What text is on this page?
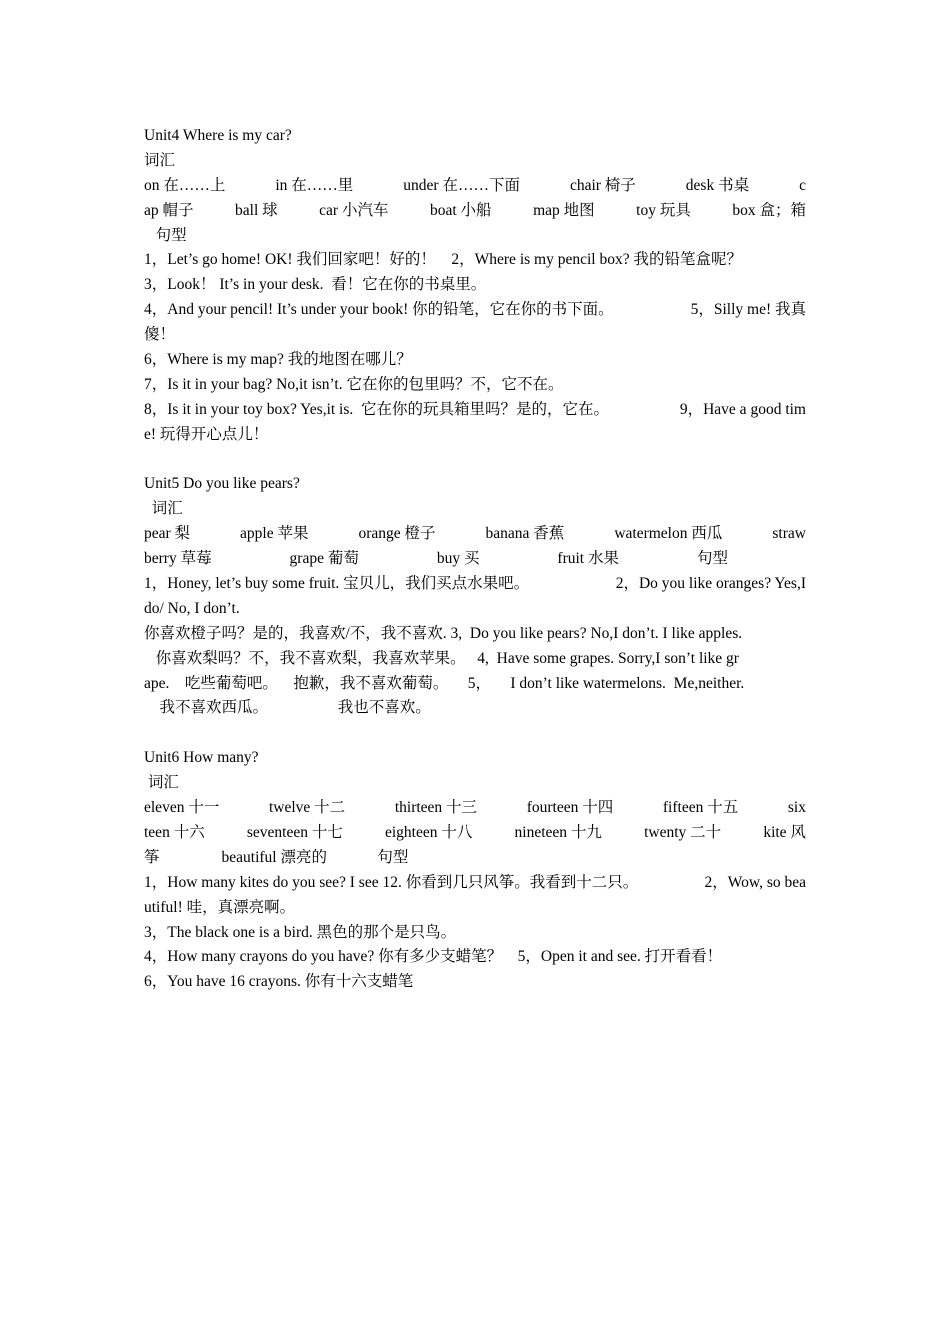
Unit4 Where is my car?
词汇
on 在……上	in 在……里	under 在……下面	chair 椅子	desk 书桌	c
ap 帽子	ball 球	car 小汽车	boat 小船	map 地图	toy 玩具	box 盒；箱
句型
1，Let’s go home! OK! 我们回家吧！好的！    2，Where is my pencil box? 我的铅笔盒呢？
3，Look！ It’s in your desk.  看！它在你的书桌里。
4，And your pencil! It’s under your book! 你的铅笔，它在你的书下面。	5，Silly me! 我真
傻！
6，Where is my map? 我的地图在哪儿？
7，Is it in your bag? No,it isn’t. 它在你的包里吗？不，它不在。
8，Is it in your toy box? Yes,it is.  它在你的玩具箱里吗？是的，它在。	9，Have a good tim
e! 玩得开心点儿！
Unit5 Do you like pears?
词汇
pear 梨	apple 苹果	orange 橙子	banana 香蕉	watermelon 西瓜	straw
berry 草莓	grape 葡萄	buy 买	fruit 水果	句型
1，Honey, let’s buy some fruit. 宝贝儿，我们买点水果吧。	2，Do you like oranges? Yes,I
do/ No, I don’t.
你喜欢橙子吗？是的，我喜欢/不，我不喜欢. 3,  Do you like pears? No,I don’t. I like apples.
你喜欢梨吗？不，我不喜欢梨，我喜欢苹果。   4,  Have some grapes. Sorry,I son’t like gr
ape.    吃些葡萄吧。    抱歉，我不喜欢葡萄。     5，     I don’t like watermelons.  Me,neither.
我不喜欢西瓜。                  我也不喜欢。
Unit6 How many?
词汇
eleven 十一	twelve 十二	thirteen 十三	fourteen 十四	fifteen 十五	six
teen 十六	seventeen 十七	eighteen 十八	nineteen 十九	twenty 二十	kite 风
筝                beautiful 漂亮的             句型
1，How many kites do you see? I see 12. 你看到几只风筝。我看到十二只。	2，Wow, so bea
utiful! 哇，真漂亮啊。
3，The black one is a bird. 黑色的那个是只鸟。
4，How many crayons do you have? 你有多少支蜡笔？    5，Open it and see. 打开看看！
6，You have 16 crayons. 你有十六支蜡笔
